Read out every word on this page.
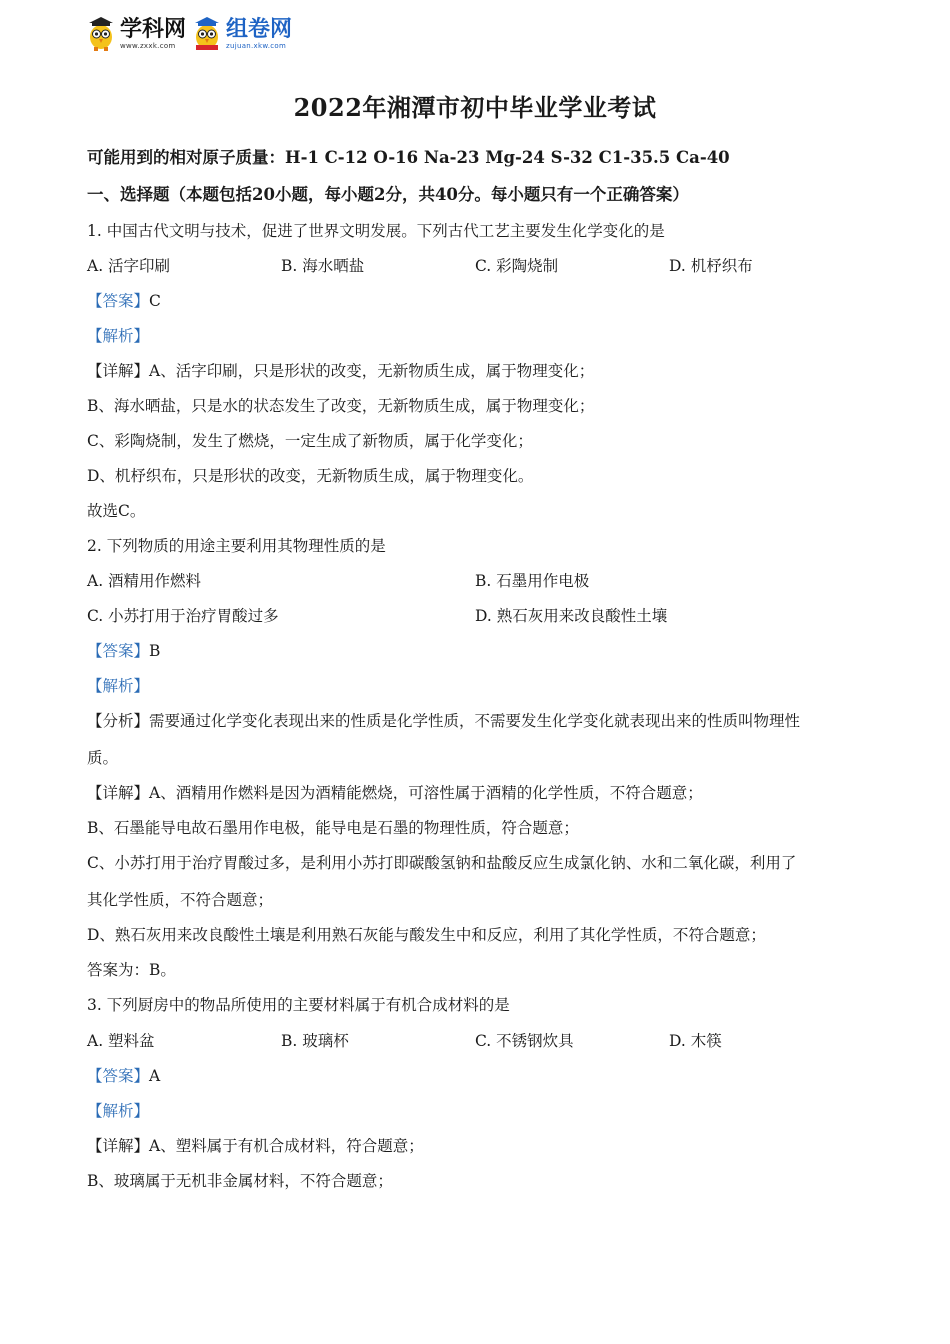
学科网
www.zxxk.com
组卷网
zujuan.xkw.com
2022年湘潭市初中毕业学业考试
可能用到的相对原子质量：H-1 C-12 O-16 Na-23 Mg-24 S-32 C1-35.5 Ca-40
一、选择题（本题包括20小题，每小题2分，共40分。每小题只有一个正确答案）
1. 中国古代文明与技术，促进了世界文明发展。下列古代工艺主要发生化学变化的是
A. 活字印刷	B. 海水晒盐	C. 彩陶烧制	D. 机杼织布
【答案】C
【解析】
【详解】A、活字印刷，只是形状的改变，无新物质生成，属于物理变化；
B、海水晒盐，只是水的状态发生了改变，无新物质生成，属于物理变化；
C、彩陶烧制，发生了燃烧，一定生成了新物质，属于化学变化；
D、机杼织布，只是形状的改变，无新物质生成，属于物理变化。
故选C。
2. 下列物质的用途主要利用其物理性质的是
A. 酒精用作燃料	B. 石墨用作电极
C. 小苏打用于治疗胃酸过多	D. 熟石灰用来改良酸性土壤
【答案】B
【解析】
【分析】需要通过化学变化表现出来的性质是化学性质，不需要发生化学变化就表现出来的性质叫物理性
质。
【详解】A、酒精用作燃料是因为酒精能燃烧，可溶性属于酒精的化学性质，不符合题意；
B、石墨能导电故石墨用作电极，能导电是石墨的物理性质，符合题意；
C、小苏打用于治疗胃酸过多，是利用小苏打即碳酸氢钠和盐酸反应生成氯化钠、水和二氧化碳，利用了
其化学性质，不符合题意；
D、熟石灰用来改良酸性土壤是利用熟石灰能与酸发生中和反应，利用了其化学性质，不符合题意；
答案为：B。
3. 下列厨房中的物品所使用的主要材料属于有机合成材料的是
A. 塑料盆	B. 玻璃杯	C. 不锈钢炊具	D. 木筷
【答案】A
【解析】
【详解】A、塑料属于有机合成材料，符合题意；
B、玻璃属于无机非金属材料，不符合题意；
